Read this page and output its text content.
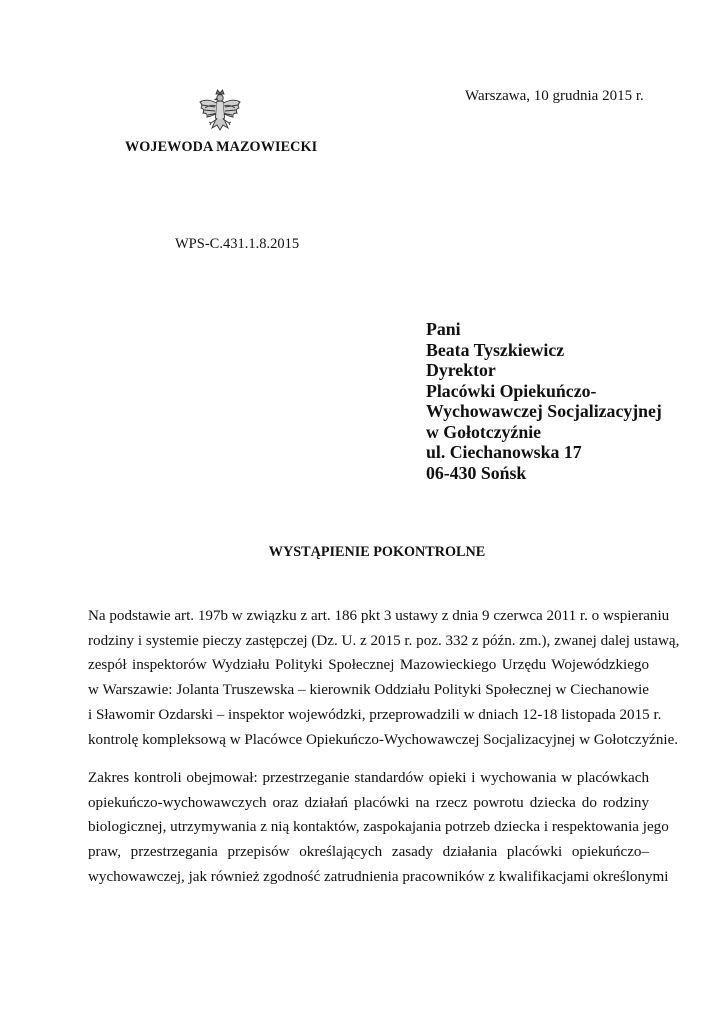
WOJEWODA MAZOWIECKI
Warszawa, 10 grudnia 2015 r.
WPS-C.431.1.8.2015
Pani
Beata Tyszkiewicz
Dyrektor
Placówki Opiekuńczo-
Wychowawczej Socjalizacyjnej
w Gołotczyźnie
ul. Ciechanowska 17
06-430 Sońsk
WYSTĄPIENIE POKONTROLNE
Na podstawie art. 197b w związku z art. 186 pkt 3 ustawy z dnia 9 czerwca 2011 r. o wspieraniu
rodziny i systemie pieczy zastępczej (Dz. U. z 2015 r. poz. 332 z późn. zm.), zwanej dalej ustawą,
zespół inspektorów Wydziału Polityki Społecznej Mazowieckiego Urzędu Wojewódzkiego
w Warszawie: Jolanta Truszewska – kierownik Oddziału Polityki Społecznej w Ciechanowie
i Sławomir Ozdarski – inspektor wojewódzki, przeprowadzili w dniach 12-18 listopada 2015 r.
kontrolę kompleksową w Placówce Opiekuńczo-Wychowawczej Socjalizacyjnej w Gołotczyźnie.
Zakres kontroli obejmował: przestrzeganie standardów opieki i wychowania w placówkach
opiekuńczo-wychowawczych oraz działań placówki na rzecz powrotu dziecka do rodziny
biologicznej, utrzymywania z nią kontaktów, zaspokajania potrzeb dziecka i respektowania jego
praw, przestrzegania przepisów określających zasady działania placówki opiekuńczo–
wychowawczej, jak również zgodność zatrudnienia pracowników z kwalifikacjami określonymi
